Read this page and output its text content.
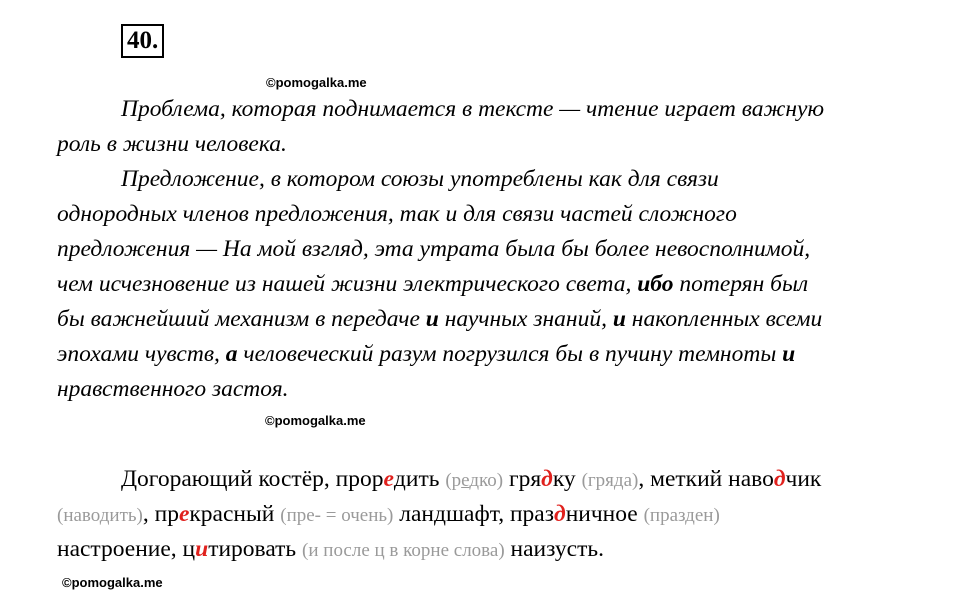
40.
©pomogalka.me
Проблема, которая поднимается в тексте — чтение играет важную
роль в жизни человека.
Предложение, в котором союзы употреблены как для связи
однородных членов предложения, так и для связи частей сложного
предложения — На мой взгляд, эта утрата была бы более невосполнимой,
чем исчезновение из нашей жизни электрического света, ибо потерян был
бы важнейший механизм в передаче и научных знаний, и накопленных всеми
эпохами чувств, а человеческий разум погрузился бы в пучину темноты и
нравственного застоя.
©pomogalka.me
Догорающий костёр, проредить (редко) грядку (гряда), меткий наводчик
(наводить), прекрасный (пре- = очень) ландшафт, праздничное (празден)
настроение, цитировать (и после ц в корне слова) наизусть.
©pomogalka.me
